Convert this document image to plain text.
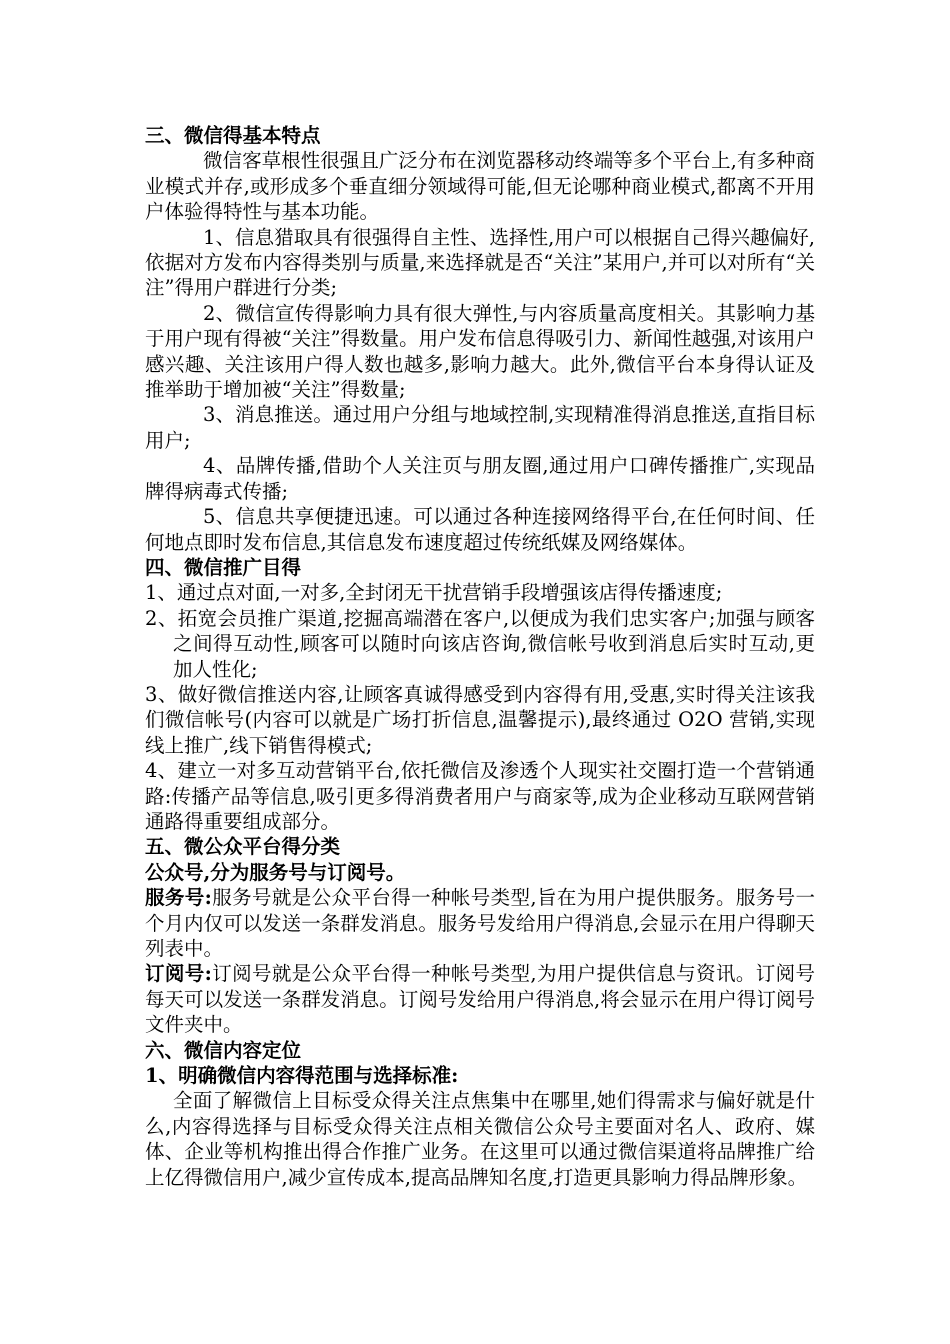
三、微信得基本特点

微信客草根性很强且广泛分布在浏览器移动终端等多个平台上,有多种商业模式并存,或形成多个垂直细分领域得可能,但无论哪种商业模式,都离不开用户体验得特性与基本功能。

1、信息猎取具有很强得自主性、选择性,用户可以根据自己得兴趣偏好,依据对方发布内容得类别与质量,来选择就是否“关注”某用户,并可以对所有“关注”得用户群进行分类;

2、微信宣传得影响力具有很大弹性,与内容质量高度相关。其影响力基于用户现有得被“关注”得数量。用户发布信息得吸引力、新闻性越强,对该用户感兴趣、关注该用户得人数也越多,影响力越大。此外,微信平台本身得认证及推举助于增加被“关注”得数量;

3、消息推送。通过用户分组与地域控制,实现精准得消息推送,直指目标用户;

4、品牌传播,借助个人关注页与朋友圈,通过用户口碑传播推广,实现品牌得病毒式传播;

5、信息共享便捷迅速。可以通过各种连接网络得平台,在任何时间、任何地点即时发布信息,其信息发布速度超过传统纸媒及网络媒体。

四、微信推广目得

1、通过点对面,一对多,全封闭无干扰营销手段增强该店得传播速度;

2、拓宽会员推广渠道,挖掘高端潜在客户,以便成为我们忠实客户;加强与顾客之间得互动性,顾客可以随时向该店咨询,微信帐号收到消息后实时互动,更加人性化;

3、做好微信推送内容,让顾客真诚得感受到内容得有用,受惠,实时得关注该我们微信帐号(内容可以就是广场打折信息,温馨提示),最终通过 O2O 营销,实现线上推广,线下销售得模式;

4、建立一对多互动营销平台,依托微信及渗透个人现实社交圈打造一个营销通路:传播产品等信息,吸引更多得消费者用户与商家等,成为企业移动互联网营销通路得重要组成部分。

五、微公众平台得分类

公众号,分为服务号与订阅号。

服务号:服务号就是公众平台得一种帐号类型,旨在为用户提供服务。服务号一个月内仅可以发送一条群发消息。服务号发给用户得消息,会显示在用户得聊天列表中。

订阅号:订阅号就是公众平台得一种帐号类型,为用户提供信息与资讯。订阅号每天可以发送一条群发消息。订阅号发给用户得消息,将会显示在用户得订阅号文件夹中。

六、微信内容定位

1、明确微信内容得范围与选择标准:

全面了解微信上目标受众得关注点焦集中在哪里,她们得需求与偏好就是什么,内容得选择与目标受众得关注点相关微信公众号主要面对名人、政府、媒体、企业等机构推出得合作推广业务。在这里可以通过微信渠道将品牌推广给上亿得微信用户,减少宣传成本,提高品牌知名度,打造更具影响力得品牌形象。
